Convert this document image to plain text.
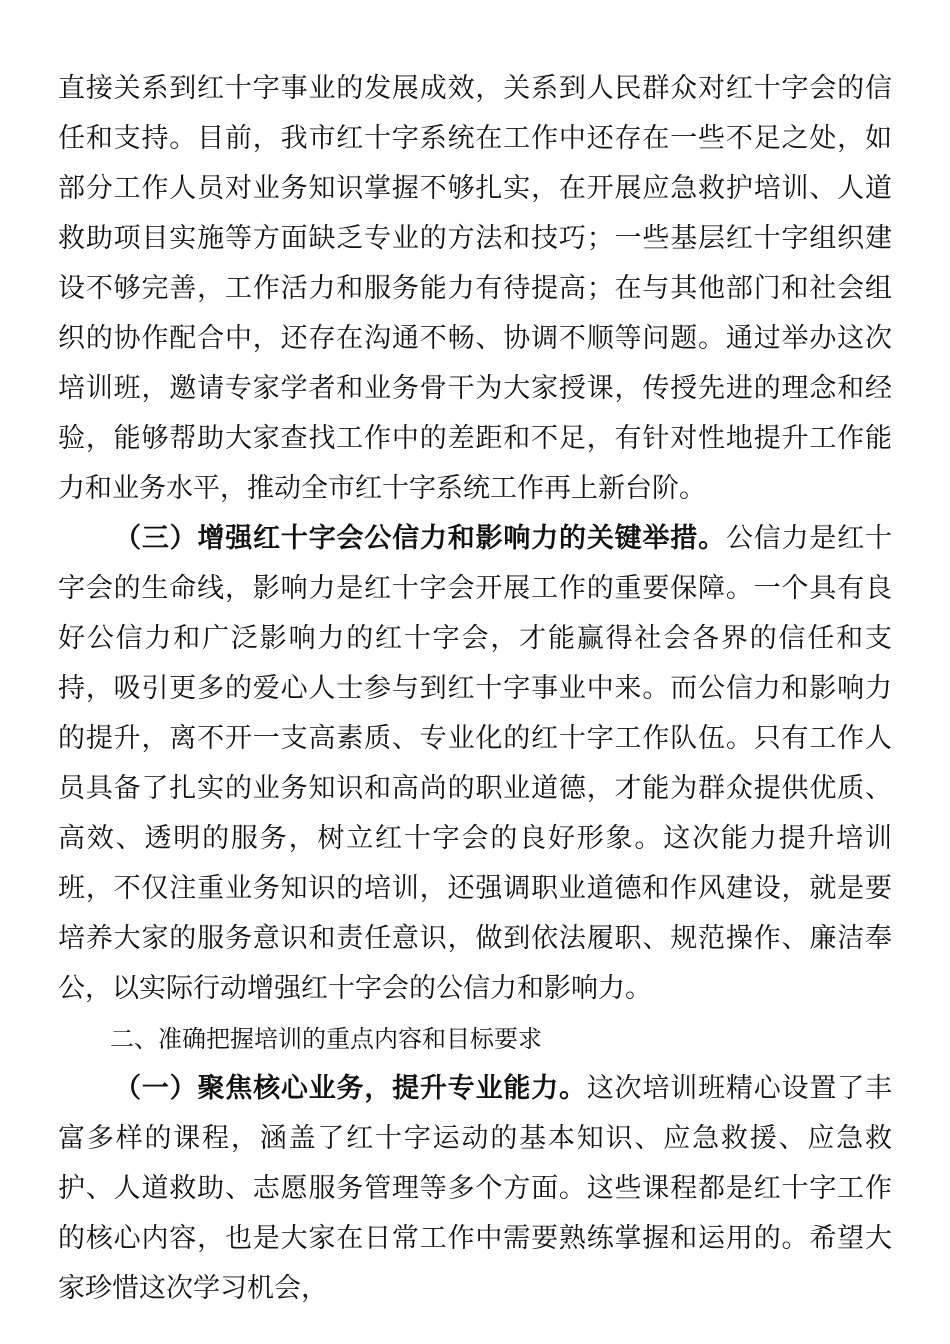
直接关系到红十字事业的发展成效，关系到人民群众对红十字会的信任和支持。目前，我市红十字系统在工作中还存在一些不足之处，如部分工作人员对业务知识掌握不够扎实，在开展应急救护培训、人道救助项目实施等方面缺乏专业的方法和技巧；一些基层红十字组织建设不够完善，工作活力和服务能力有待提高；在与其他部门和社会组织的协作配合中，还存在沟通不畅、协调不顺等问题。通过举办这次培训班，邀请专家学者和业务骨干为大家授课，传授先进的理念和经验，能够帮助大家查找工作中的差距和不足，有针对性地提升工作能力和业务水平，推动全市红十字系统工作再上新台阶。

（三）增强红十字会公信力和影响力的关键举措。公信力是红十字会的生命线，影响力是红十字会开展工作的重要保障。一个具有良好公信力和广泛影响力的红十字会，才能赢得社会各界的信任和支持，吸引更多的爱心人士参与到红十字事业中来。而公信力和影响力的提升，离不开一支高素质、专业化的红十字工作队伍。只有工作人员具备了扎实的业务知识和高尚的职业道德，才能为群众提供优质、高效、透明的服务，树立红十字会的良好形象。这次能力提升培训班，不仅注重业务知识的培训，还强调职业道德和作风建设，就是要培养大家的服务意识和责任意识，做到依法履职、规范操作、廉洁奉公，以实际行动增强红十字会的公信力和影响力。

二、准确把握培训的重点内容和目标要求

（一）聚焦核心业务，提升专业能力。这次培训班精心设置了丰富多样的课程，涵盖了红十字运动的基本知识、应急救援、应急救护、人道救助、志愿服务管理等多个方面。这些课程都是红十字工作的核心内容，也是大家在日常工作中需要熟练掌握和运用的。希望大家珍惜这次学习机会，
